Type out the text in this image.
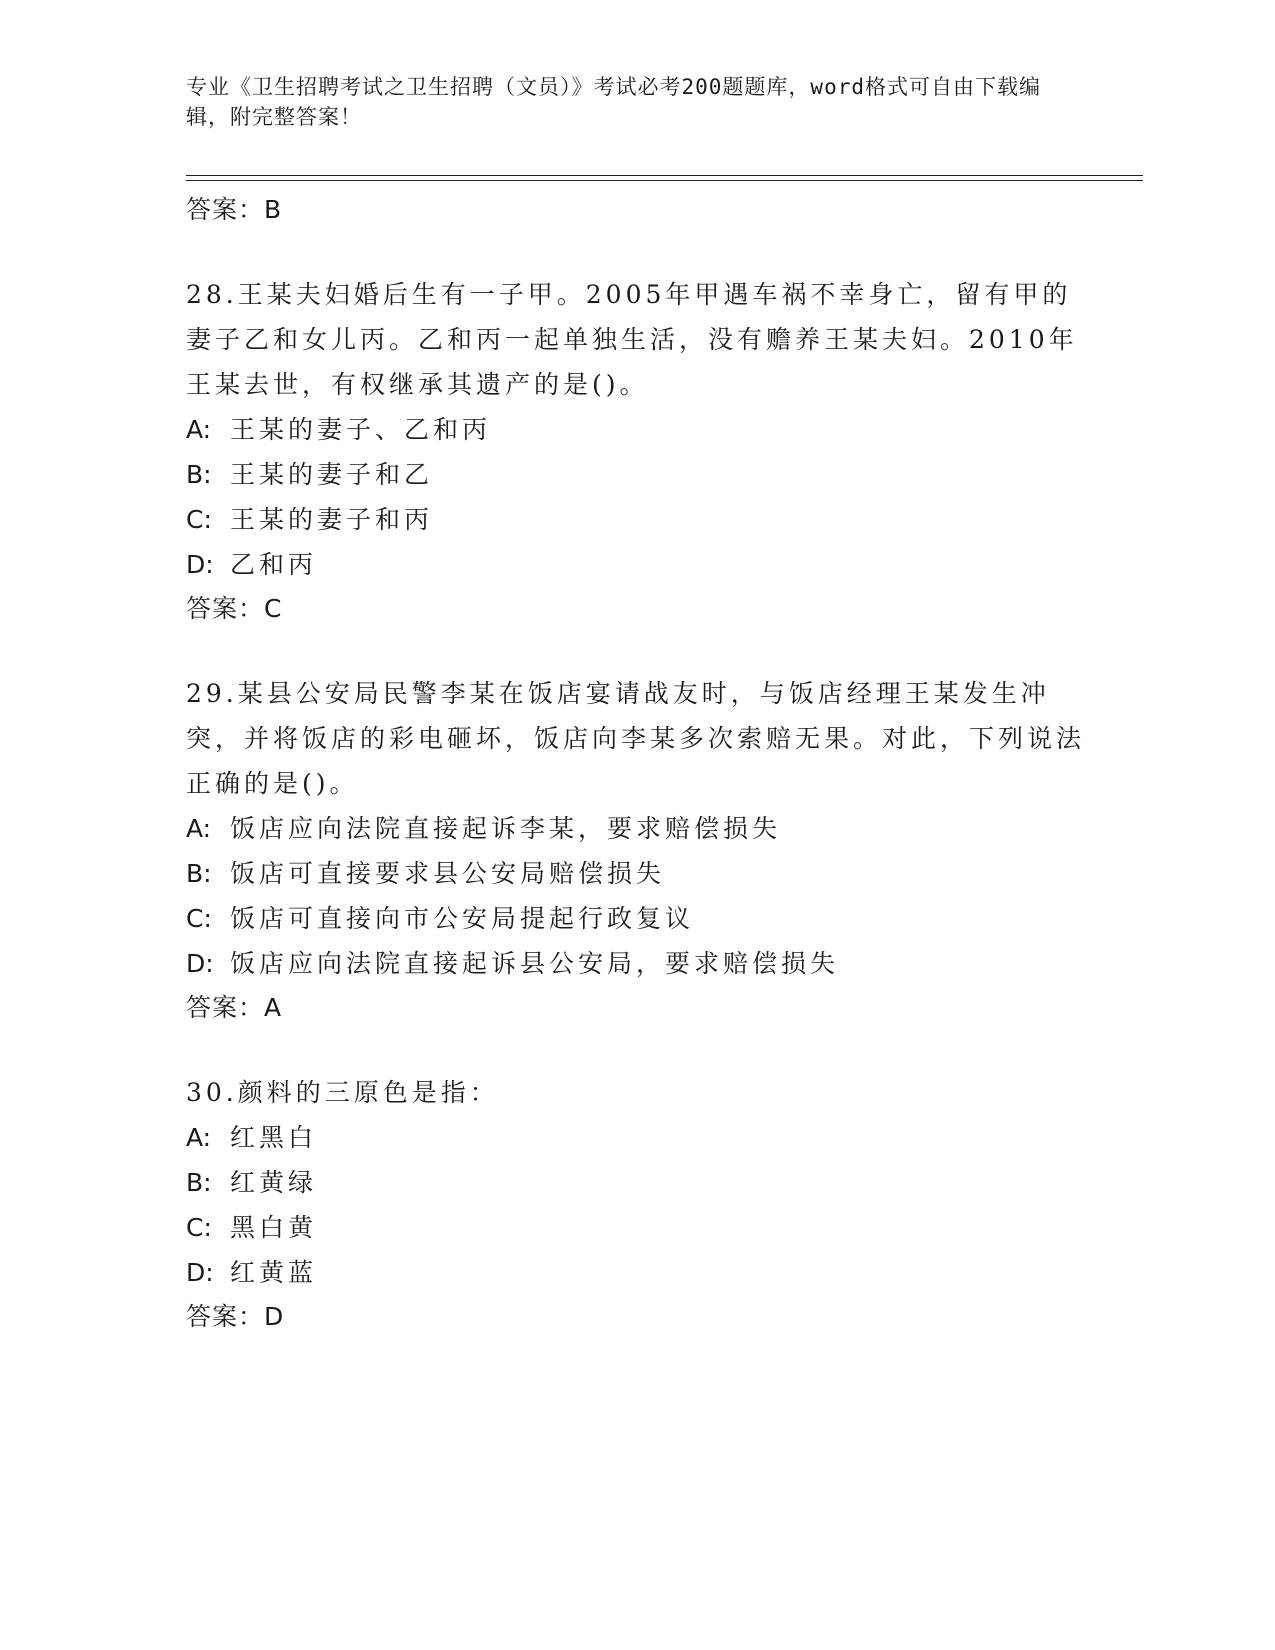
专业《卫生招聘考试之卫生招聘（文员）》考试必考200题题库，word格式可自由下载编辑，附完整答案！
答案：B
28.王某夫妇婚后生有一子甲。2005年甲遇车祸不幸身亡，留有甲的妻子乙和女儿丙。乙和丙一起单独生活，没有赡养王某夫妇。2010年王某去世，有权继承其遗产的是()。
A: 王某的妻子、乙和丙
B: 王某的妻子和乙
C: 王某的妻子和丙
D: 乙和丙
答案：C
29.某县公安局民警李某在饭店宴请战友时，与饭店经理王某发生冲突，并将饭店的彩电砸坏，饭店向李某多次索赔无果。对此，下列说法正确的是()。
A: 饭店应向法院直接起诉李某，要求赔偿损失
B: 饭店可直接要求县公安局赔偿损失
C: 饭店可直接向市公安局提起行政复议
D: 饭店应向法院直接起诉县公安局，要求赔偿损失
答案：A
30.颜料的三原色是指：
A: 红黑白
B: 红黄绿
C: 黑白黄
D: 红黄蓝
答案：D
